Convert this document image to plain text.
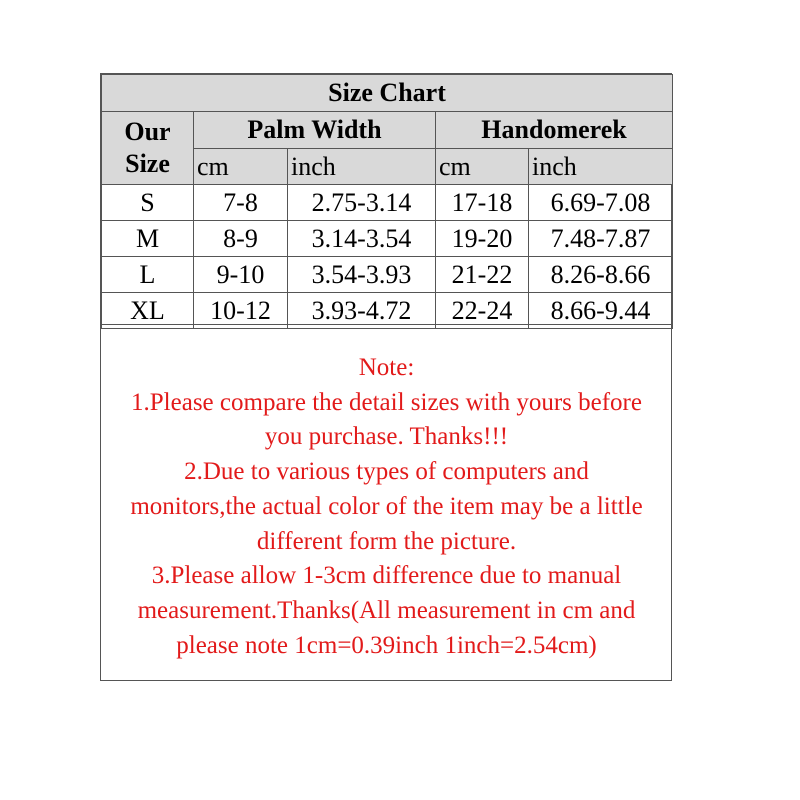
Size Chart				

Our
Size	Palm Width		Handomerek	
	cm	inch	cm	inch
S	7-8	2.75-3.14	17-18	6.69-7.08
M	8-9	3.14-3.54	19-20	7.48-7.87
L	9-10	3.54-3.93	21-22	8.26-8.66
XL	10-12	3.93-4.72	22-24	8.66-9.44
Note:
1.Please compare the detail sizes with yours before
you purchase. Thanks!!!
2.Due to various types of computers and
monitors,the actual color of the item may be a little
different form the picture.
3.Please allow 1-3cm difference due to manual
measurement.Thanks(All measurement in cm and
please note 1cm=0.39inch 1inch=2.54cm)
